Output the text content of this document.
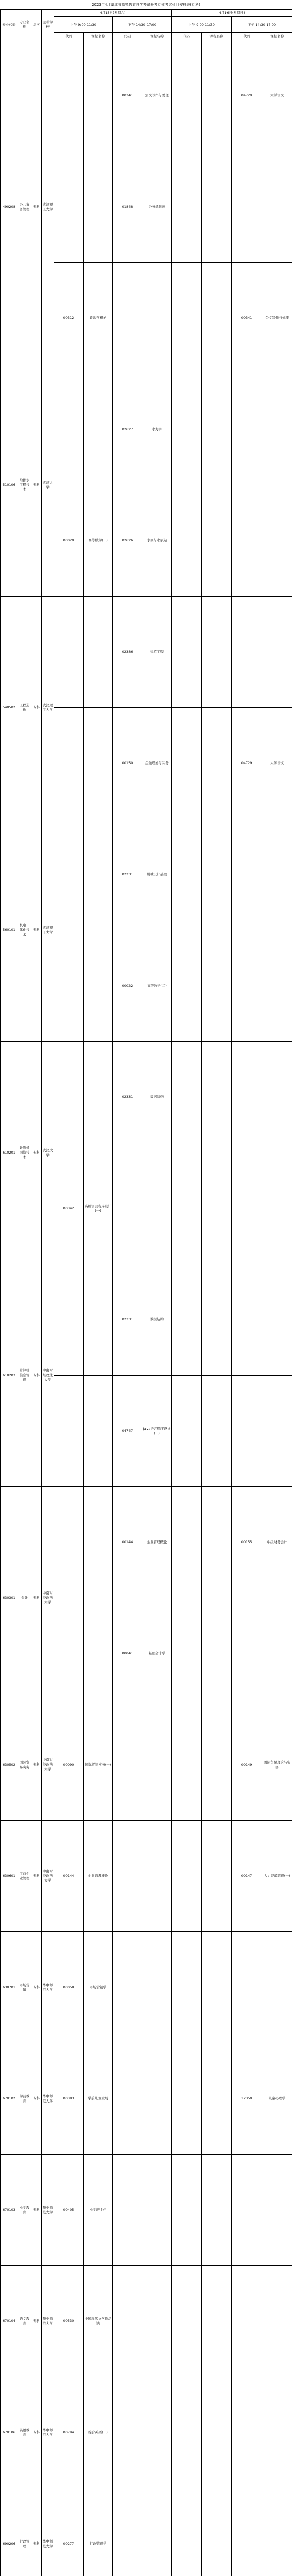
2023年4月湖北省高等教育自学考试开考专业考试科目安排表(专科)
专业代码	专业名称	层次	主考学校	4月15日(星期六)				4月16日(星期日)			
				上午 9:00-11:30		下午 14:30-17:00		上午 9:00-11:30		下午 14:30-17:00	
				代码	课程名称	代码	课程名称	代码	课程名称	代码	课程名称
490208	公共事务管理	专科	武汉理工大学			00341	公文写作与处理			04729	大学语文
						01848	公务员制度				
				00312	政治学概论					00341	公文写作与处理
510106	给排水工程技术	专科	武汉大学			02627	水力学				
				00020	高等数学(一)	02626	水泵与水泵站				
540502	工程造价	专科	武汉理工大学			02386	建筑工程				
						00150	金融理论与实务			04729	大学语文
560101	机电一体化技术	专科	武汉理工大学			02231	机械设计基础				
						00022	高等数学(二)				
610201	计算机网络技术	专科	武汉大学			02331	数据结构				
				00342	高级语言程序设计(一)						
610203	计算机信息管理	专科	中南财经政法大学			02331	数据结构				
						04747	Java语言程序设计(一)				
630301	会计	专科	中南财经政法大学			00144	企业管理概论			00155	中级财务会计
						00041	基础会计学				
630502	国际贸易实务	专科	中南财经政法大学	00090	国际贸易实务(一)					00149	国际贸易理论与实务
630601	工商企业管理	专科	中南财经政法大学	00144	企业管理概论					00147	人力资源管理(一)
630701	市场营销	专科	华中师范大学	00058	市场营销学						
670102	学前教育	专科	华中师范大学	00383	学前儿童发展					12350	儿童心理学
670103	小学教育	专科	华中师范大学	00405	小学班主任						
670104	语文教育	专科	华中师范大学	00530	中国现代文学作品选						
670106	英语教育	专科	华中师范大学	00794	综合英语(一)						
690206	行政管理	专科	华中师范大学	00277	行政管理学						
